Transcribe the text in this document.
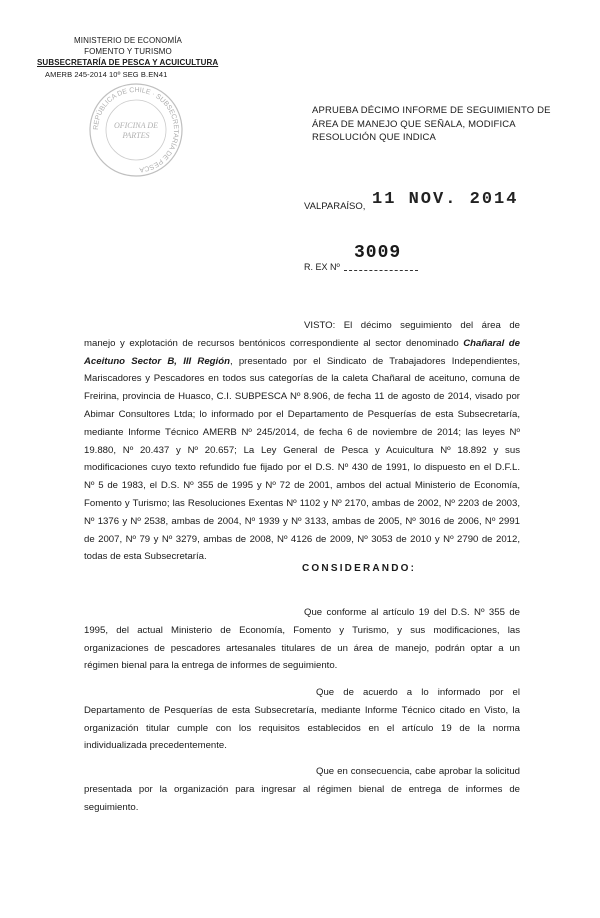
MINISTERIO DE ECONOMÍA
FOMENTO Y TURISMO
SUBSECRETARÍA DE PESCA Y ACUICULTURA
AMERB 245-2014 10º SEG B.EN41
REPÚBLICA DE CHILE · SUBSECRETARÍA DE PESCA
OFICINA DE
PARTES
APRUEBA DÉCIMO INFORME DE SEGUIMIENTO DE
ÁREA DE MANEJO QUE SEÑALA, MODIFICA
RESOLUCIÓN QUE INDICA
VALPARAÍSO, 11 NOV. 2014
3009
R. EX Nº
VISTO: El décimo seguimiento del área de
manejo y explotación de recursos bentónicos correspondiente al sector denominado Chañaral de
Aceituno Sector B, III Región, presentado por el Sindicato de Trabajadores Independientes,
Mariscadores y Pescadores en todos sus categorías de la caleta Chañaral de aceituno, comuna de
Freirina, provincia de Huasco, C.I. SUBPESCA Nº 8.906, de fecha 11 de agosto de 2014, visado por
Abimar Consultores Ltda; lo informado por el Departamento de Pesquerías de esta Subsecretaría,
mediante Informe Técnico AMERB Nº 245/2014, de fecha 6 de noviembre de 2014; las leyes Nº
19.880, Nº 20.437 y Nº 20.657; La Ley General de Pesca y Acuicultura Nº 18.892 y sus
modificaciones cuyo texto refundido fue fijado por el D.S. Nº 430 de 1991, lo dispuesto en el D.F.L.
Nº 5 de 1983, el D.S. Nº 355 de 1995 y Nº 72 de 2001, ambos del actual Ministerio de Economía,
Fomento y Turismo; las Resoluciones Exentas Nº 1102 y Nº 2170, ambas de 2002, Nº 2203 de 2003,
Nº 1376 y Nº 2538, ambas de 2004, Nº 1939 y Nº 3133, ambas de 2005, Nº 3016 de 2006, Nº 2991
de 2007, Nº 79 y Nº 3279, ambas de 2008, Nº 4126 de 2009, Nº 3053 de 2010 y Nº 2790 de 2012,
todas de esta Subsecretaría.
CONSIDERANDO:
Que conforme al artículo 19 del D.S. Nº 355 de
1995, del actual Ministerio de Economía, Fomento y Turismo, y sus modificaciones, las
organizaciones de pescadores artesanales titulares de un área de manejo, podrán optar a un
régimen bienal para la entrega de informes de seguimiento.
Que de acuerdo a lo informado por el
Departamento de Pesquerías de esta Subsecretaría, mediante Informe Técnico citado en Visto, la
organización titular cumple con los requisitos establecidos en el artículo 19 de la norma
individualizada precedentemente.
Que en consecuencia, cabe aprobar la solicitud
presentada por la organización para ingresar al régimen bienal de entrega de informes de
seguimiento.
